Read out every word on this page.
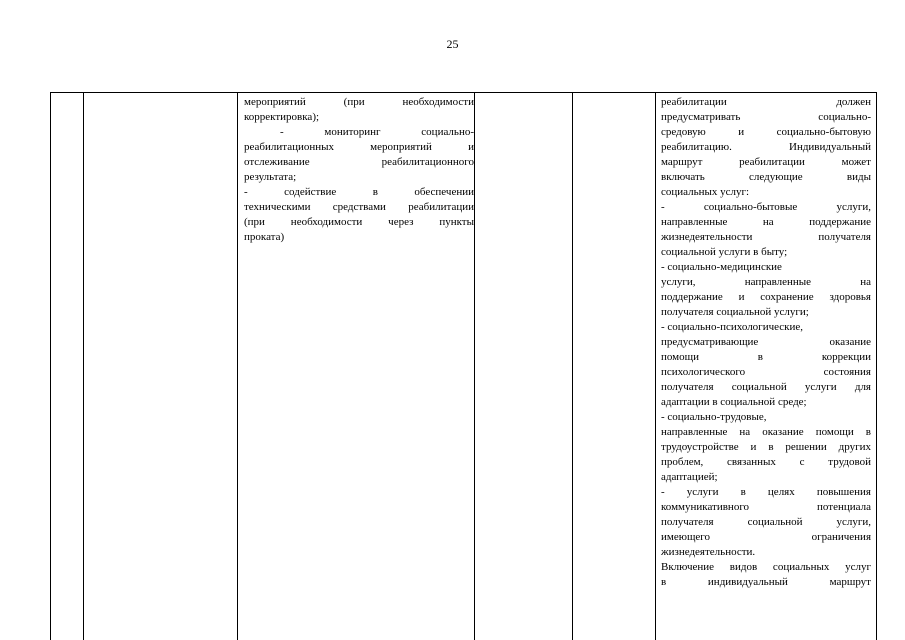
25

мероприятий (при необходимости

корректировка);

- мониторинг социально-

реабилитационных мероприятий и

отслеживание реабилитационного

результата;

- содействие в обеспечении

техническими средствами реабилитации

(при необходимости через пункты

проката)

реабилитации должен

предусматривать социально-

средовую и социально-бытовую

реабилитацию. Индивидуальный

маршрут реабилитации может

включать следующие виды

социальных услуг:

- социально-бытовые услуги,

направленные на поддержание

жизнедеятельности получателя

социальной услуги в быту;

- социально-медицинские

услуги, направленные на

поддержание и сохранение здоровья

получателя социальной услуги;

- социально-психологические,

предусматривающие оказание

помощи в коррекции

психологического состояния

получателя социальной услуги для

адаптации в социальной среде;

- социально-трудовые,

направленные на оказание помощи в

трудоустройстве и в решении других

проблем, связанных с трудовой

адаптацией;

- услуги в целях повышения

коммуникативного потенциала

получателя социальной услуги,

имеющего ограничения

жизнедеятельности.

Включение видов социальных услуг

в индивидуальный маршрут
